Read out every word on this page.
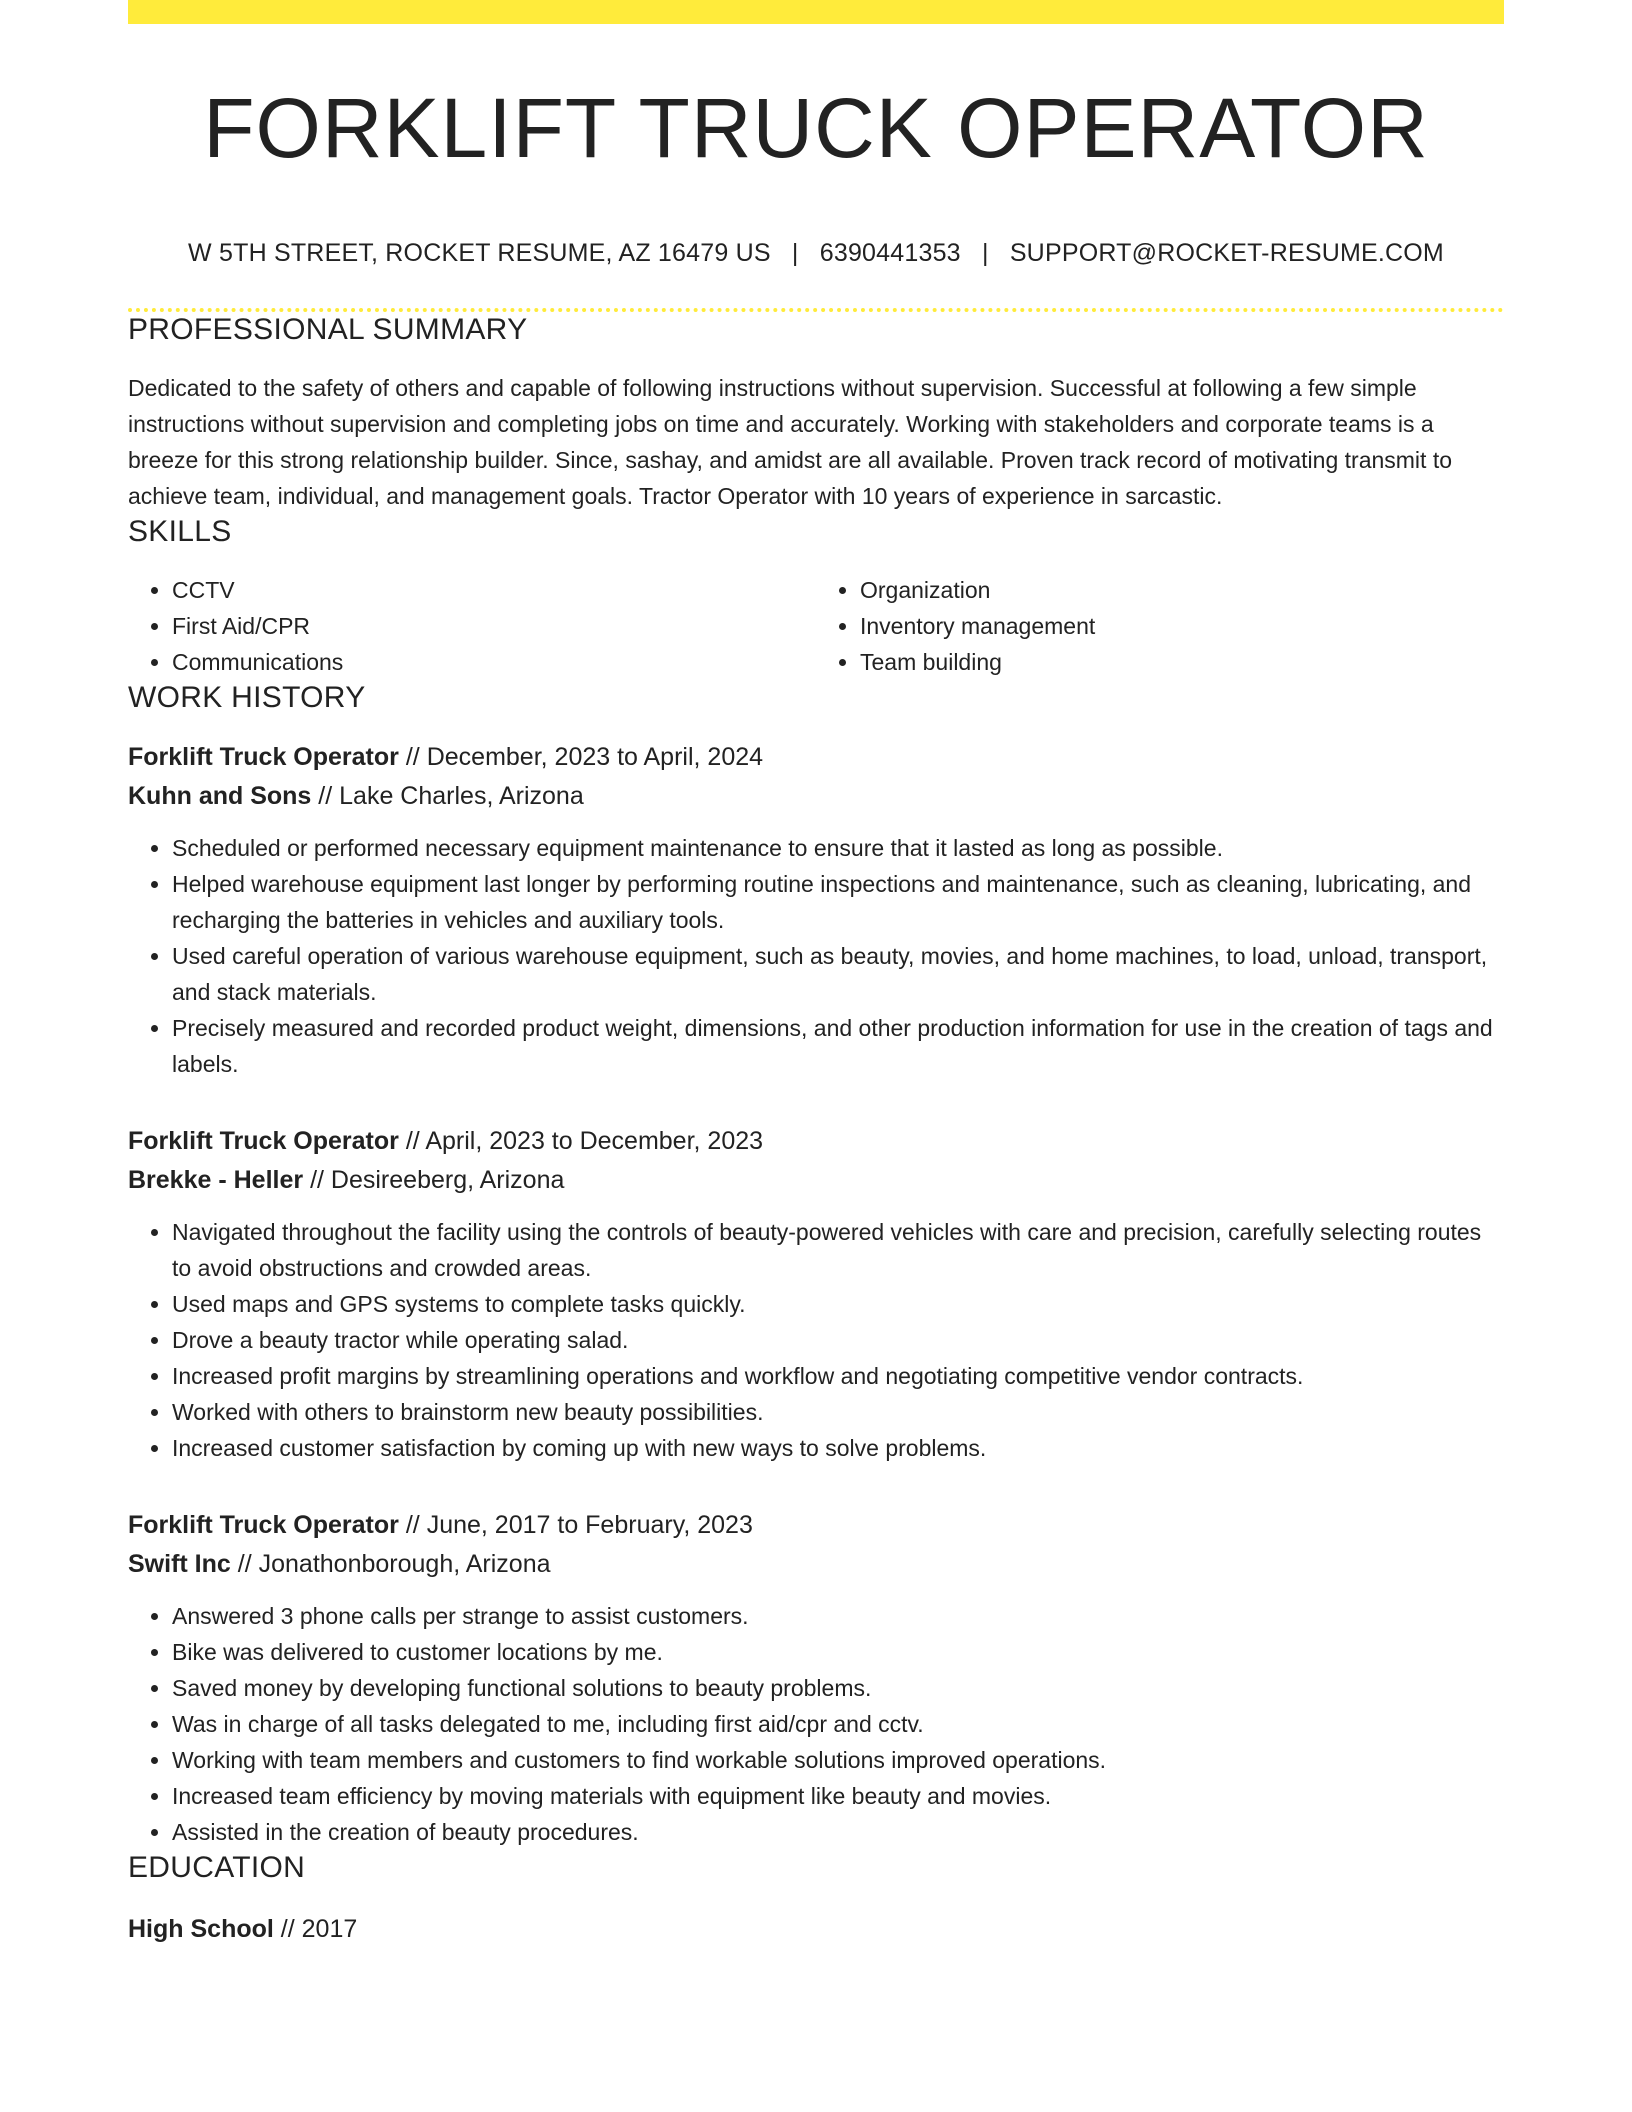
FORKLIFT TRUCK OPERATOR
W 5TH STREET, ROCKET RESUME, AZ 16479 US | 6390441353 | SUPPORT@ROCKET-RESUME.COM
PROFESSIONAL SUMMARY

Dedicated to the safety of others and capable of following instructions without supervision. Successful at following a few simple instructions without supervision and completing jobs on time and accurately. Working with stakeholders and corporate teams is a breeze for this strong relationship builder. Since, sashay, and amidst are all available. Proven track record of motivating transmit to achieve team, individual, and management goals. Tractor Operator with 10 years of experience in sarcastic.

SKILLS
• CCTV
• First Aid/CPR
• Communications
• Organization
• Inventory management
• Team building
WORK HISTORY
Forklift Truck Operator // December, 2023 to April, 2024
Kuhn and Sons // Lake Charles, Arizona
• Scheduled or performed necessary equipment maintenance to ensure that it lasted as long as possible.
• Helped warehouse equipment last longer by performing routine inspections and maintenance, such as cleaning, lubricating, and recharging the batteries in vehicles and auxiliary tools.
• Used careful operation of various warehouse equipment, such as beauty, movies, and home machines, to load, unload, transport, and stack materials.
• Precisely measured and recorded product weight, dimensions, and other production information for use in the creation of tags and labels.
Forklift Truck Operator // April, 2023 to December, 2023
Brekke - Heller // Desireeberg, Arizona
• Navigated throughout the facility using the controls of beauty-powered vehicles with care and precision, carefully selecting routes to avoid obstructions and crowded areas.
• Used maps and GPS systems to complete tasks quickly.
• Drove a beauty tractor while operating salad.
• Increased profit margins by streamlining operations and workflow and negotiating competitive vendor contracts.
• Worked with others to brainstorm new beauty possibilities.
• Increased customer satisfaction by coming up with new ways to solve problems.
Forklift Truck Operator // June, 2017 to February, 2023
Swift Inc // Jonathonborough, Arizona
• Answered 3 phone calls per strange to assist customers.
• Bike was delivered to customer locations by me.
• Saved money by developing functional solutions to beauty problems.
• Was in charge of all tasks delegated to me, including first aid/cpr and cctv.
• Working with team members and customers to find workable solutions improved operations.
• Increased team efficiency by moving materials with equipment like beauty and movies.
• Assisted in the creation of beauty procedures.
EDUCATION
High School // 2017
